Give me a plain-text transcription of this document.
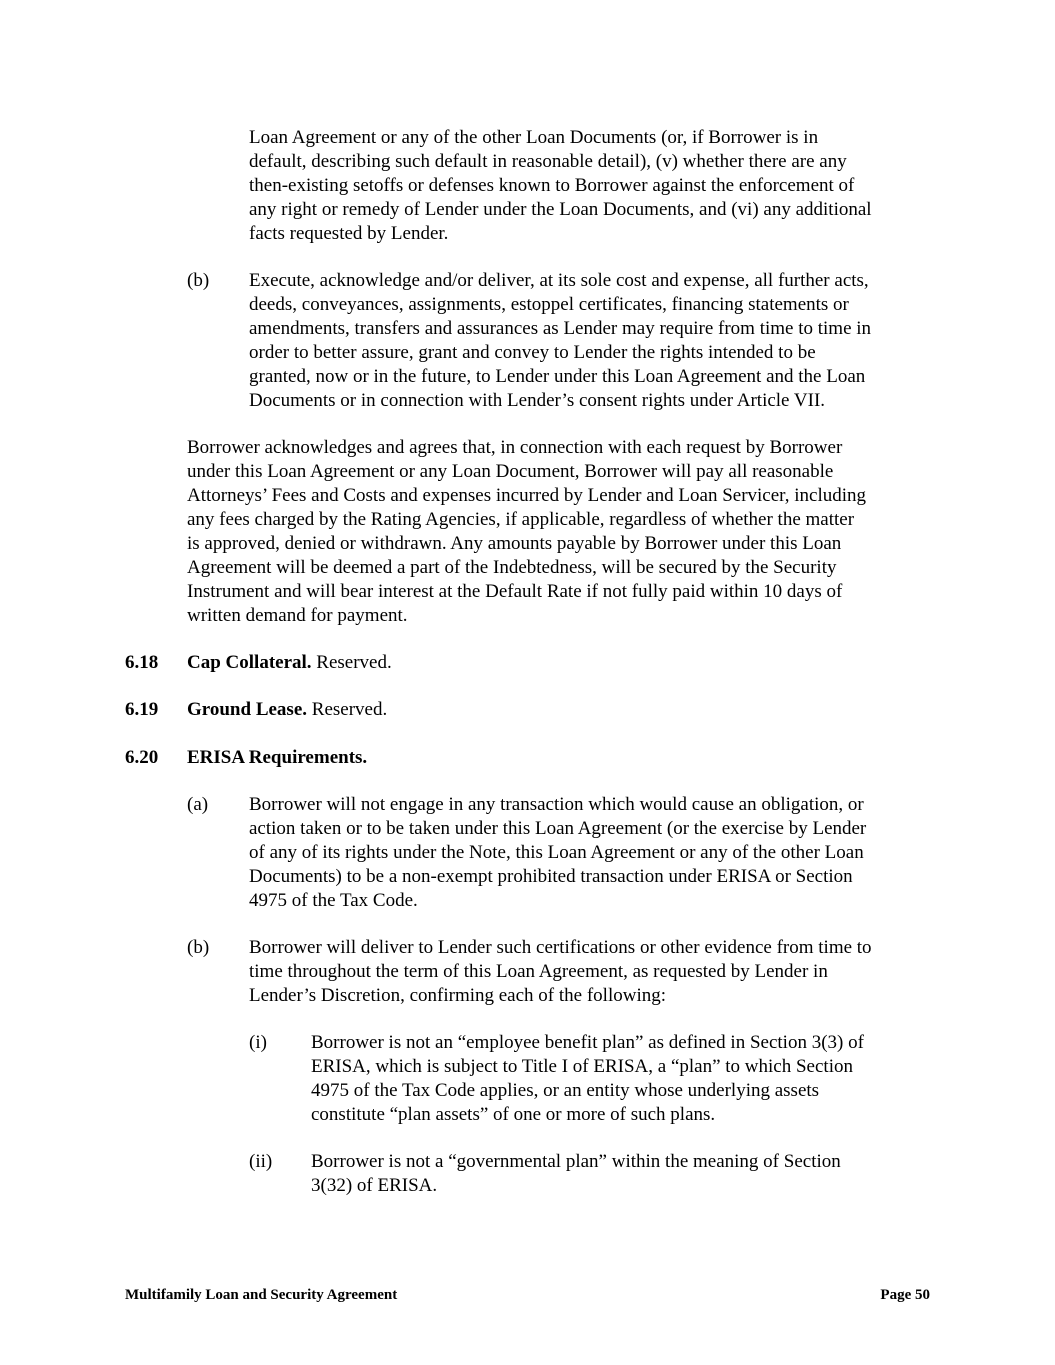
Loan Agreement or any of the other Loan Documents (or, if Borrower is in
default, describing such default in reasonable detail), (v) whether there are any
then-existing setoffs or defenses known to Borrower against the enforcement of
any right or remedy of Lender under the Loan Documents, and (vi) any additional
facts requested by Lender.
(b) Execute, acknowledge and/or deliver, at its sole cost and expense, all further acts,
deeds, conveyances, assignments, estoppel certificates, financing statements or
amendments, transfers and assurances as Lender may require from time to time in
order to better assure, grant and convey to Lender the rights intended to be
granted, now or in the future, to Lender under this Loan Agreement and the Loan
Documents or in connection with Lender’s consent rights under Article VII.
Borrower acknowledges and agrees that, in connection with each request by Borrower
under this Loan Agreement or any Loan Document, Borrower will pay all reasonable
Attorneys’ Fees and Costs and expenses incurred by Lender and Loan Servicer, including
any fees charged by the Rating Agencies, if applicable, regardless of whether the matter
is approved, denied or withdrawn. Any amounts payable by Borrower under this Loan
Agreement will be deemed a part of the Indebtedness, will be secured by the Security
Instrument and will bear interest at the Default Rate if not fully paid within 10 days of
written demand for payment.
6.18 Cap Collateral. Reserved.
6.19 Ground Lease. Reserved.
6.20 ERISA Requirements.
(a) Borrower will not engage in any transaction which would cause an obligation, or
action taken or to be taken under this Loan Agreement (or the exercise by Lender
of any of its rights under the Note, this Loan Agreement or any of the other Loan
Documents) to be a non-exempt prohibited transaction under ERISA or Section
4975 of the Tax Code.
(b) Borrower will deliver to Lender such certifications or other evidence from time to
time throughout the term of this Loan Agreement, as requested by Lender in
Lender’s Discretion, confirming each of the following:
(i) Borrower is not an “employee benefit plan” as defined in Section 3(3) of
ERISA, which is subject to Title I of ERISA, a “plan” to which Section
4975 of the Tax Code applies, or an entity whose underlying assets
constitute “plan assets” of one or more of such plans.
(ii) Borrower is not a “governmental plan” within the meaning of Section
3(32) of ERISA.
Multifamily Loan and Security Agreement	Page 50
